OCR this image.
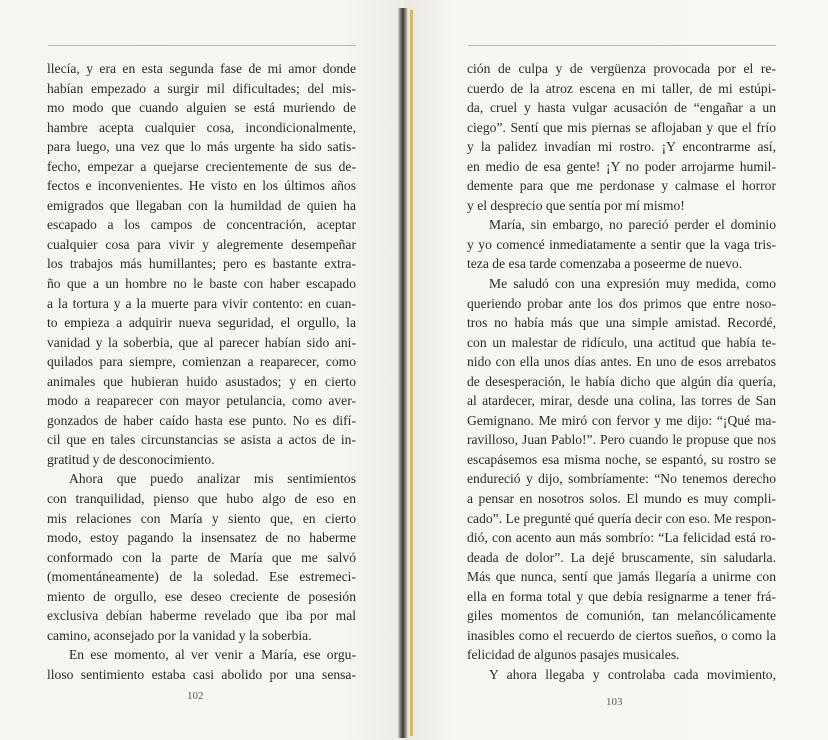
llecía, y era en esta segunda fase de mi amor donde
habían empezado a surgir mil dificultades; del mis-
mo modo que cuando alguien se está muriendo de
hambre acepta cualquier cosa, incondicionalmente,
para luego, una vez que lo más urgente ha sido satis-
fecho, empezar a quejarse crecientemente de sus de-
fectos e inconvenientes. He visto en los últimos años
emigrados que llegaban con la humildad de quien ha
escapado a los campos de concentración, aceptar
cualquier cosa para vivir y alegremente desempeñar
los trabajos más humillantes; pero es bastante extra-
ño que a un hombre no le baste con haber escapado
a la tortura y a la muerte para vivir contento: en cuan-
to empieza a adquirir nueva seguridad, el orgullo, la
vanidad y la soberbia, que al parecer habían sido ani-
quilados para siempre, comienzan a reaparecer, como
animales que hubieran huido asustados; y en cierto
modo a reaparecer con mayor petulancia, como aver-
gonzados de haber caído hasta ese punto. No es difí-
cil que en tales circunstancias se asista a actos de in-
gratitud y de desconocimiento.
Ahora que puedo analizar mis sentimientos
con tranquilidad, pienso que hubo algo de eso en
mis relaciones con María y siento que, en cierto
modo, estoy pagando la insensatez de no haberme
conformado con la parte de María que me salvó
(momentáneamente) de la soledad. Ese estremeci-
miento de orgullo, ese deseo creciente de posesión
exclusiva debían haberme revelado que iba por mal
camino, aconsejado por la vanidad y la soberbia.
En ese momento, al ver venir a María, ese orgu-
lloso sentimiento estaba casi abolido por una sensa-
ción de culpa y de vergüenza provocada por el re-
cuerdo de la atroz escena en mi taller, de mi estúpi-
da, cruel y hasta vulgar acusación de “engañar a un
ciego”. Sentí que mis piernas se aflojaban y que el frío
y la palidez invadían mi rostro. ¡Y encontrarme así,
en medio de esa gente! ¡Y no poder arrojarme humil-
demente para que me perdonase y calmase el horror
y el desprecio que sentía por mí mismo!
María, sin embargo, no pareció perder el dominio
y yo comencé inmediatamente a sentir que la vaga tris-
teza de esa tarde comenzaba a poseerme de nuevo.
Me saludó con una expresión muy medida, como
queriendo probar ante los dos primos que entre noso-
tros no había más que una simple amistad. Recordé,
con un malestar de ridículo, una actitud que había te-
nido con ella unos días antes. En uno de esos arrebatos
de desesperación, le había dicho que algún día quería,
al atardecer, mirar, desde una colina, las torres de San
Gemignano. Me miró con fervor y me dijo: “¡Qué ma-
ravilloso, Juan Pablo!”. Pero cuando le propuse que nos
escapásemos esa misma noche, se espantó, su rostro se
endureció y dijo, sombríamente: “No tenemos derecho
a pensar en nosotros solos. El mundo es muy compli-
cado”. Le pregunté qué quería decir con eso. Me respon-
dió, con acento aun más sombrío: “La felicidad está ro-
deada de dolor”. La dejé bruscamente, sin saludarla.
Más que nunca, sentí que jamás llegaría a unirme con
ella en forma total y que debía resignarme a tener frá-
giles momentos de comunión, tan melancólicamente
inasibles como el recuerdo de ciertos sueños, o como la
felicidad de algunos pasajes musicales.
Y ahora llegaba y controlaba cada movimiento,
102	103
